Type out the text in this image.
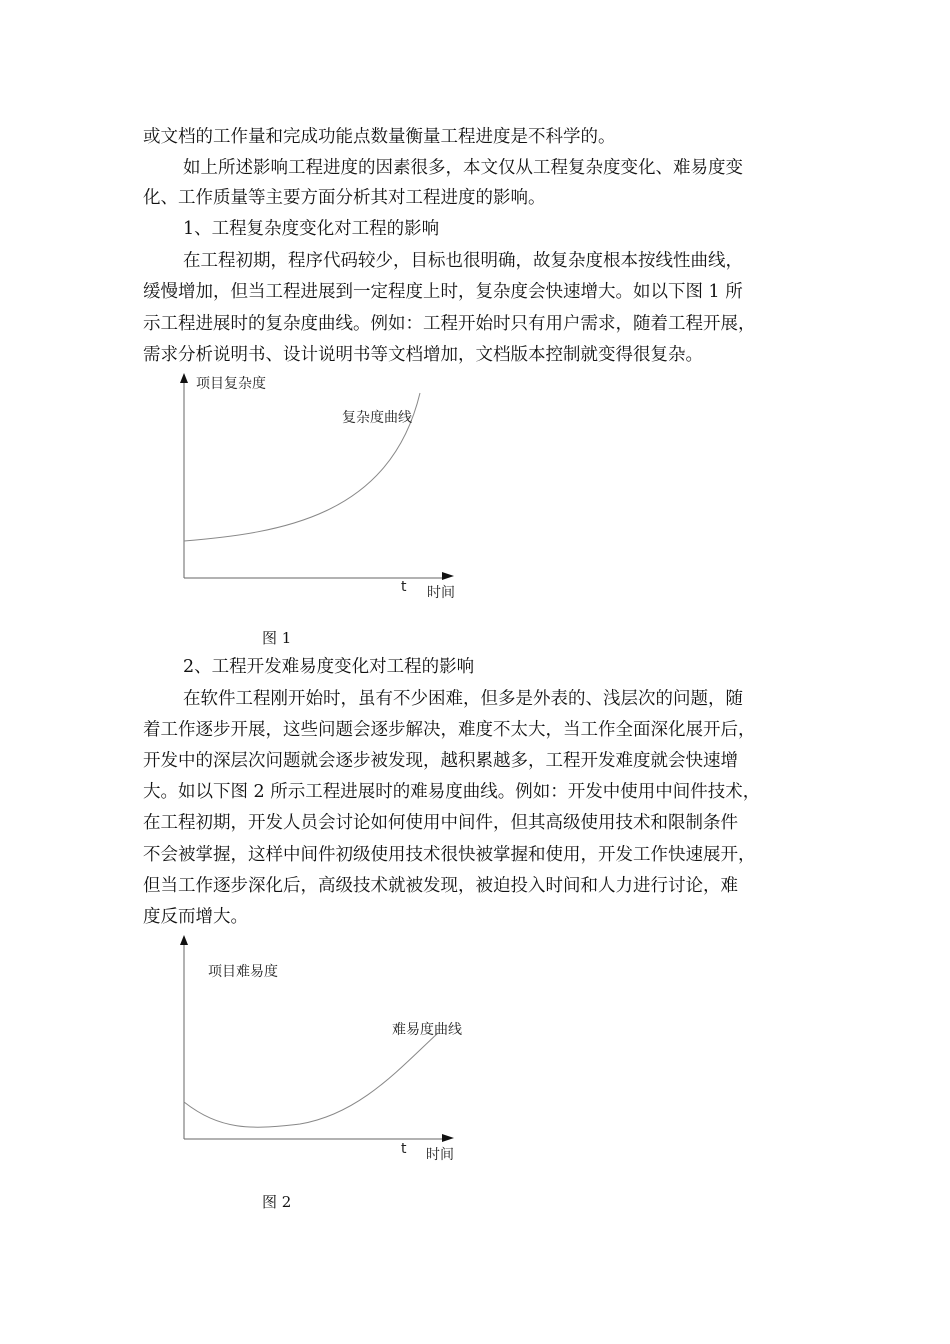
或文档的工作量和完成功能点数量衡量工程进度是不科学的。
如上所述影响工程进度的因素很多，本文仅从工程复杂度变化、难易度变
化、工作质量等主要方面分析其对工程进度的影响。
1、工程复杂度变化对工程的影响
在工程初期，程序代码较少，目标也很明确，故复杂度根本按线性曲线，
缓慢增加，但当工程进展到一定程度上时，复杂度会快速增大。如以下图 1 所
示工程进展时的复杂度曲线。例如：工程开始时只有用户需求，随着工程开展，
需求分析说明书、设计说明书等文档增加，文档版本控制就变得很复杂。
项目复杂度
复杂度曲线
t 时间
图 1
2、工程开发难易度变化对工程的影响
在软件工程刚开始时，虽有不少困难，但多是外表的、浅层次的问题，随
着工作逐步开展，这些问题会逐步解决，难度不太大，当工作全面深化展开后，
开发中的深层次问题就会逐步被发现，越积累越多，工程开发难度就会快速增
大。如以下图 2 所示工程进展时的难易度曲线。例如：开发中使用中间件技术，
在工程初期，开发人员会讨论如何使用中间件，但其高级使用技术和限制条件
不会被掌握，这样中间件初级使用技术很快被掌握和使用，开发工作快速展开，
但当工作逐步深化后，高级技术就被发现，被迫投入时间和人力进行讨论，难
度反而增大。
项目难易度
难易度曲线
t 时间
图 2
